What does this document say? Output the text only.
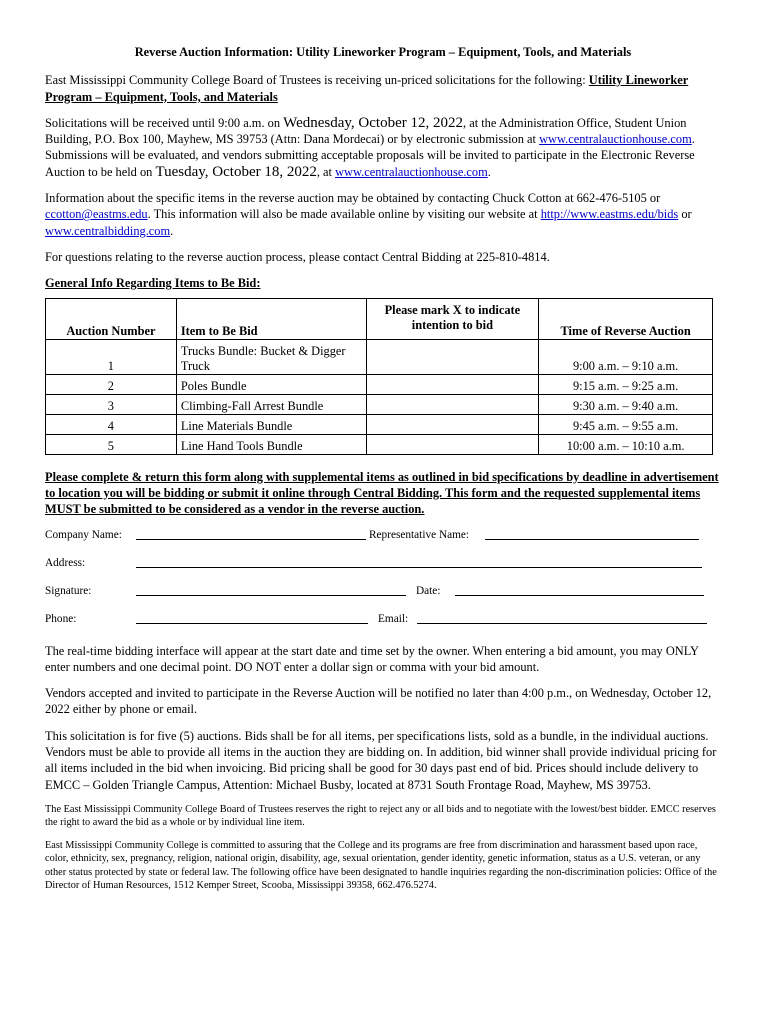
Reverse Auction Information: Utility Lineworker Program – Equipment, Tools, and Materials

East Mississippi Community College Board of Trustees is receiving un-priced solicitations for the following: Utility Lineworker Program – Equipment, Tools, and Materials

Solicitations will be received until 9:00 a.m. on Wednesday, October 12, 2022, at the Administration Office, Student Union Building, P.O. Box 100, Mayhew, MS 39753 (Attn: Dana Mordecai) or by electronic submission at www.centralauctionhouse.com. Submissions will be evaluated, and vendors submitting acceptable proposals will be invited to participate in the Electronic Reverse Auction to be held on Tuesday, October 18, 2022, at www.centralauctionhouse.com.

Information about the specific items in the reverse auction may be obtained by contacting Chuck Cotton at 662-476-5105 or ccotton@eastms.edu. This information will also be made available online by visiting our website at http://www.eastms.edu/bids or www.centralbidding.com.

For questions relating to the reverse auction process, please contact Central Bidding at 225-810-4814.

General Info Regarding Items to Be Bid:

Auction Number	Item to Be Bid	Please mark X to indicate intention to bid	Time of Reverse Auction
1	Trucks Bundle: Bucket & Digger Truck		9:00 a.m. – 9:10 a.m.
2	Poles Bundle		9:15 a.m. – 9:25 a.m.
3	Climbing-Fall Arrest Bundle		9:30 a.m. – 9:40 a.m.
4	Line Materials Bundle		9:45 a.m. – 9:55 a.m.
5	Line Hand Tools Bundle		10:00 a.m. – 10:10 a.m.

Please complete & return this form along with supplemental items as outlined in bid specifications by deadline in advertisement to location you will be bidding or submit it online through Central Bidding. This form and the requested supplemental items MUST be submitted to be considered as a vendor in the reverse auction.

Company Name:	Representative Name:
Address:
Signature:	Date:
Phone:	Email:

The real-time bidding interface will appear at the start date and time set by the owner. When entering a bid amount, you may ONLY enter numbers and one decimal point. DO NOT enter a dollar sign or comma with your bid amount.

Vendors accepted and invited to participate in the Reverse Auction will be notified no later than 4:00 p.m., on Wednesday, October 12, 2022 either by phone or email.

This solicitation is for five (5) auctions. Bids shall be for all items, per specifications lists, sold as a bundle, in the individual auctions. Vendors must be able to provide all items in the auction they are bidding on. In addition, bid winner shall provide individual pricing for all items included in the bid when invoicing. Bid pricing shall be good for 30 days past end of bid. Prices should include delivery to EMCC – Golden Triangle Campus, Attention: Michael Busby, located at 8731 South Frontage Road, Mayhew, MS 39753.

The East Mississippi Community College Board of Trustees reserves the right to reject any or all bids and to negotiate with the lowest/best bidder. EMCC reserves the right to award the bid as a whole or by individual line item.

East Mississippi Community College is committed to assuring that the College and its programs are free from discrimination and harassment based upon race, color, ethnicity, sex, pregnancy, religion, national origin, disability, age, sexual orientation, gender identity, genetic information, status as a U.S. veteran, or any other status protected by state or federal law. The following office have been designated to handle inquiries regarding the non-discrimination policies: Office of the Director of Human Resources, 1512 Kemper Street, Scooba, Mississippi 39358, 662.476.5274.
